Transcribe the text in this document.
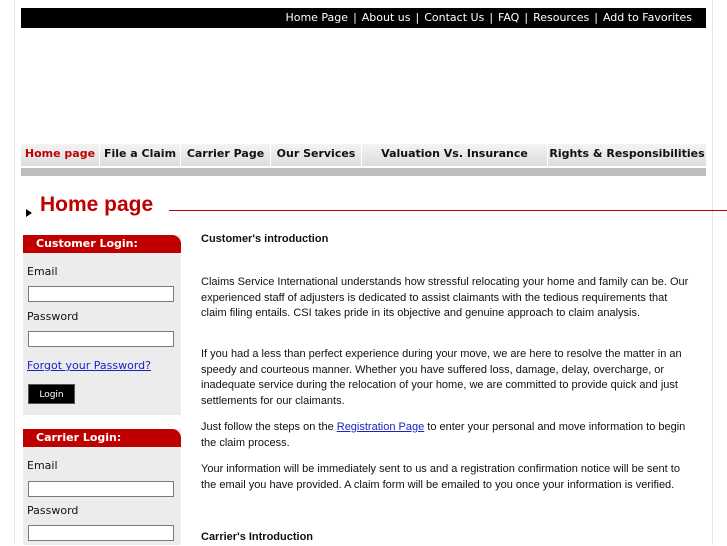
Home Page | About us | Contact Us | FAQ | Resources | Add to Favorites
Home page File a Claim Carrier Page	Our Services	Valuation Vs. Insurance	Rights & Responsibilities
Home page
Customer Login:
Email
Password
Forgot your Password?
Login
Carrier Login:
Email
Password

Customer's introduction

Claims Service International understands how stressful relocating your home and family can be. Our experienced staff of adjusters is dedicated to assist claimants with the tedious requirements that claim filing entails. CSI takes pride in its objective and genuine approach to claim analysis.

If you had a less than perfect experience during your move, we are here to resolve the matter in an speedy and courteous manner. Whether you have suffered loss, damage, delay, overcharge, or inadequate service during the relocation of your home, we are committed to provide quick and just settlements for our claimants.

Just follow the steps on the Registration Page to enter your personal and move information to begin the claim process.

Your information will be immediately sent to us and a registration confirmation notice will be sent to the email you have provided. A claim form will be emailed to you once your information is verified.

Carrier's Introduction
